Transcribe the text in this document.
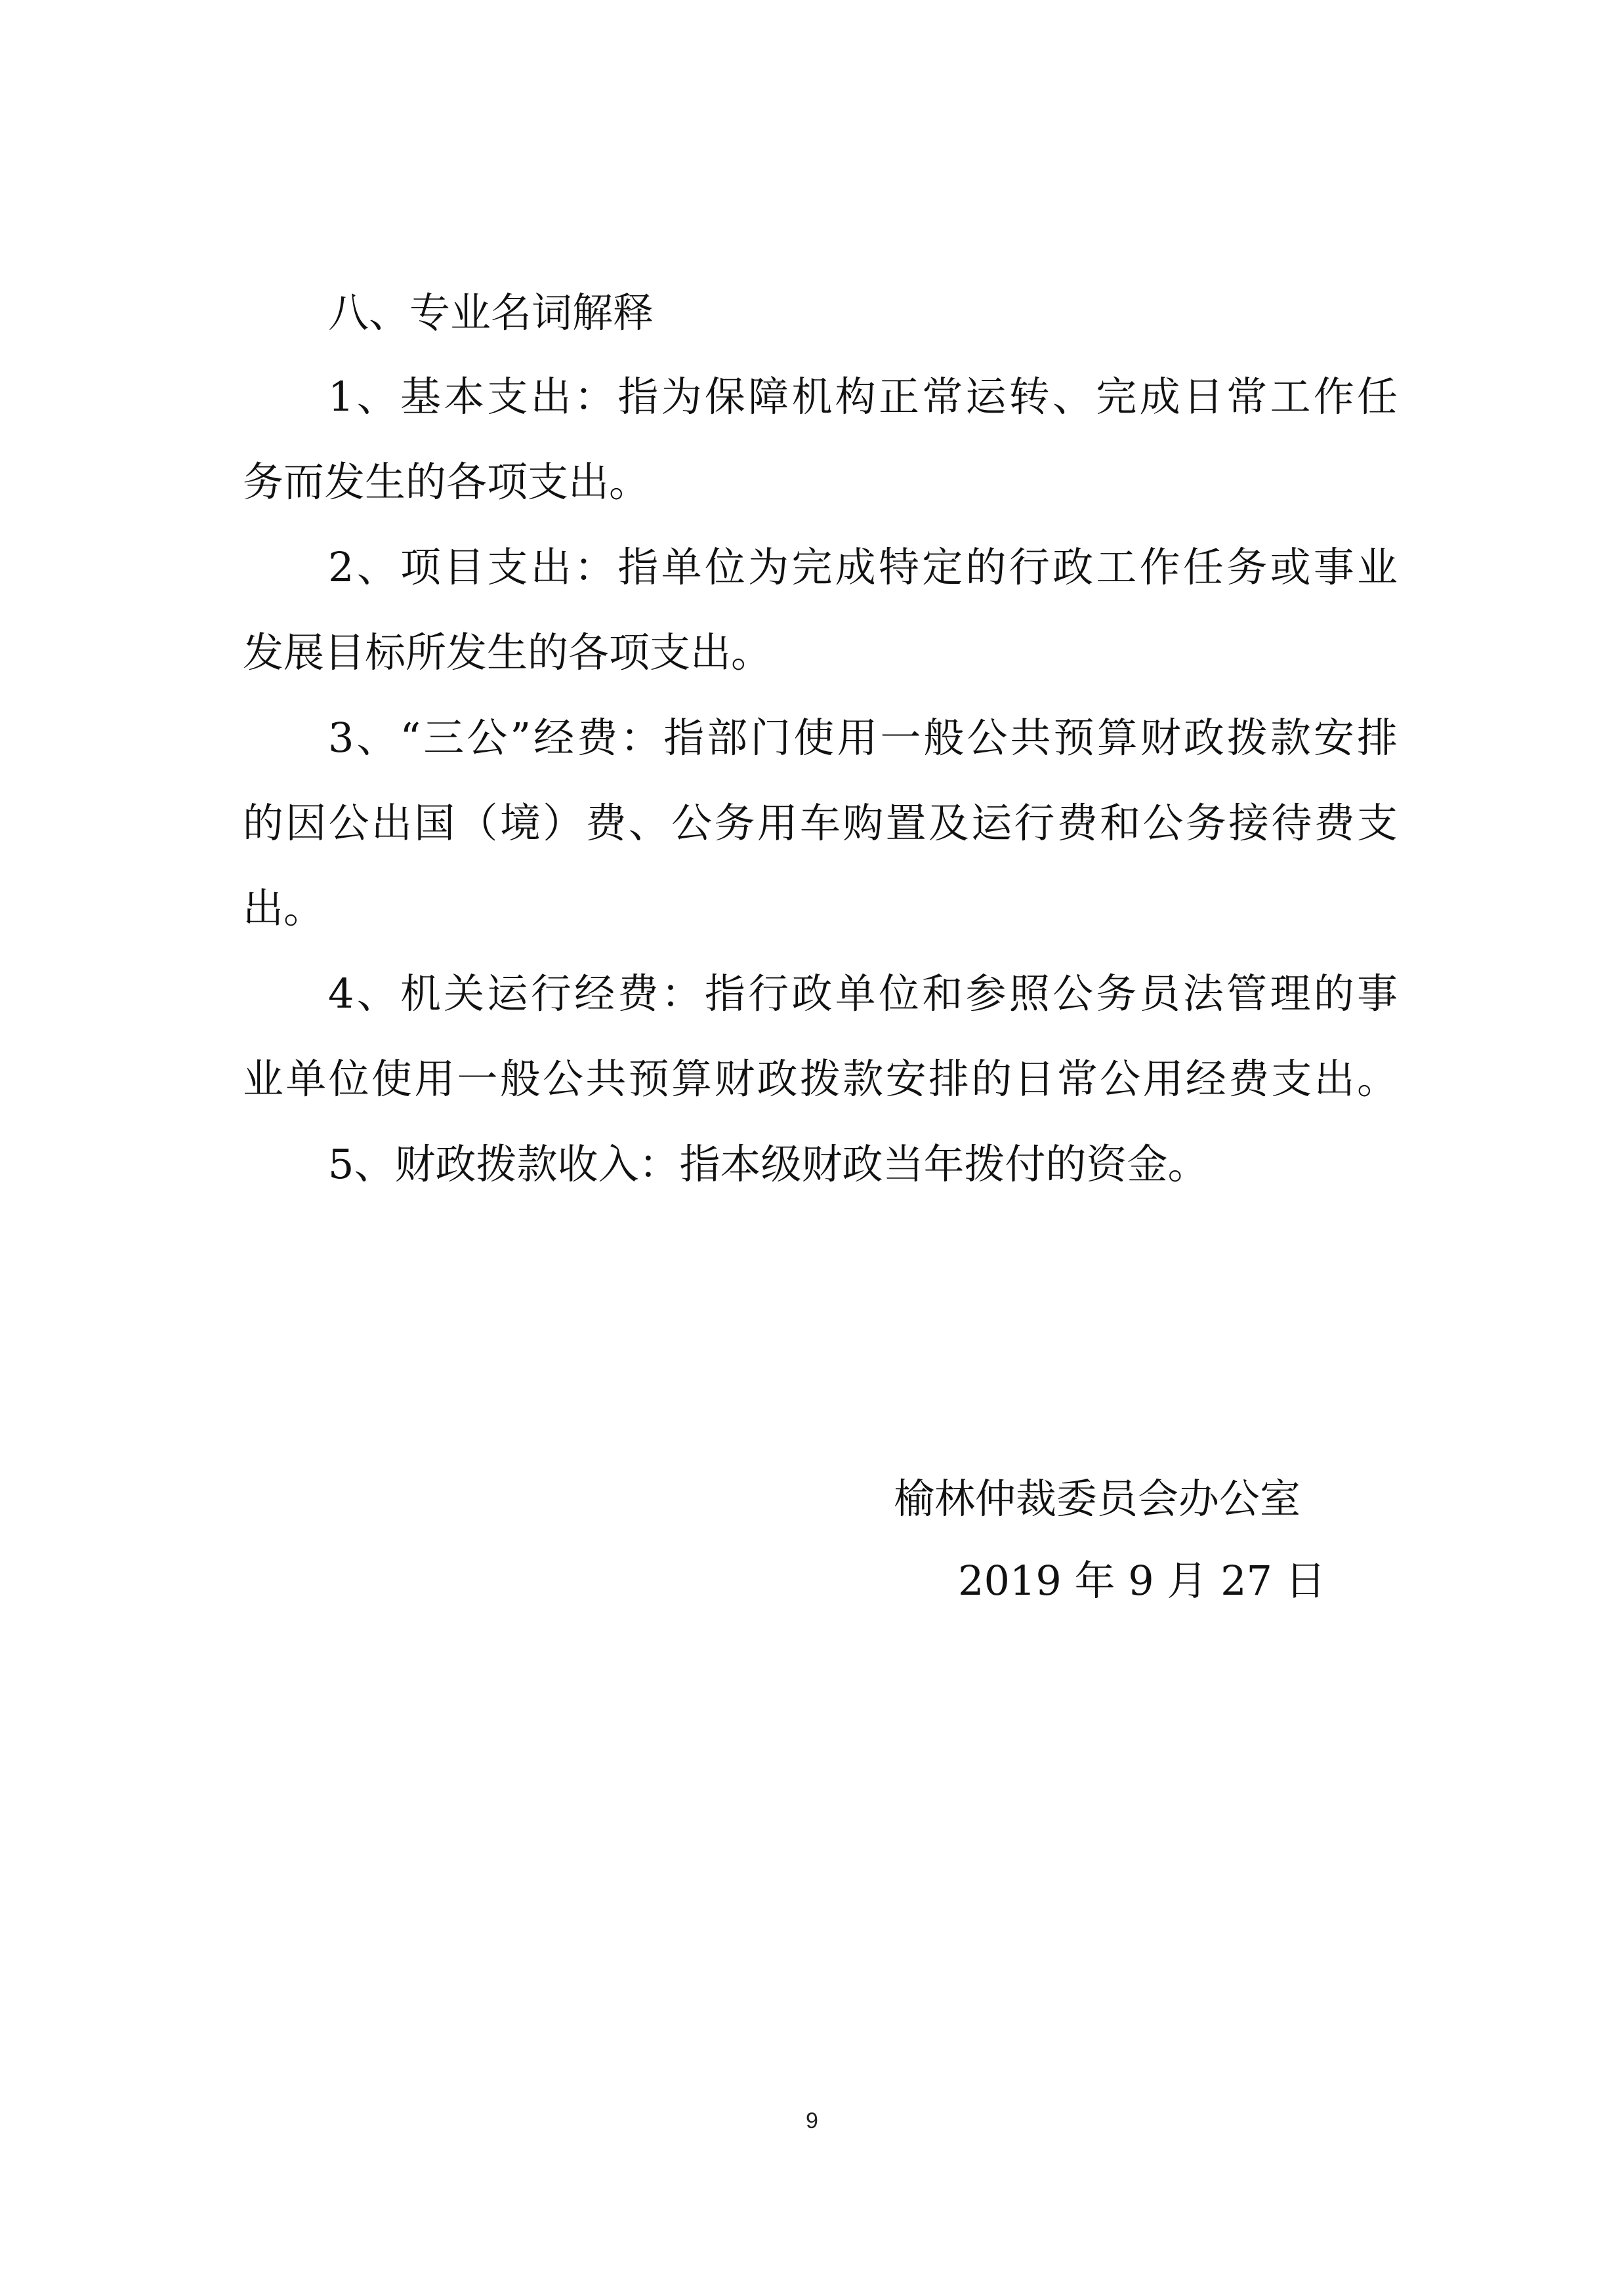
八、专业名词解释
1、基本支出：指为保障机构正常运转、完成日常工作任
务而发生的各项支出。
2、项目支出：指单位为完成特定的行政工作任务或事业
发展目标所发生的各项支出。
3、“三公”经费：指部门使用一般公共预算财政拨款安排
的因公出国（境）费、公务用车购置及运行费和公务接待费支
出。
4、机关运行经费：指行政单位和参照公务员法管理的事
业单位使用一般公共预算财政拨款安排的日常公用经费支出。
5、财政拨款收入：指本级财政当年拨付的资金。
榆林仲裁委员会办公室
2019 年 9 月 27 日
9
